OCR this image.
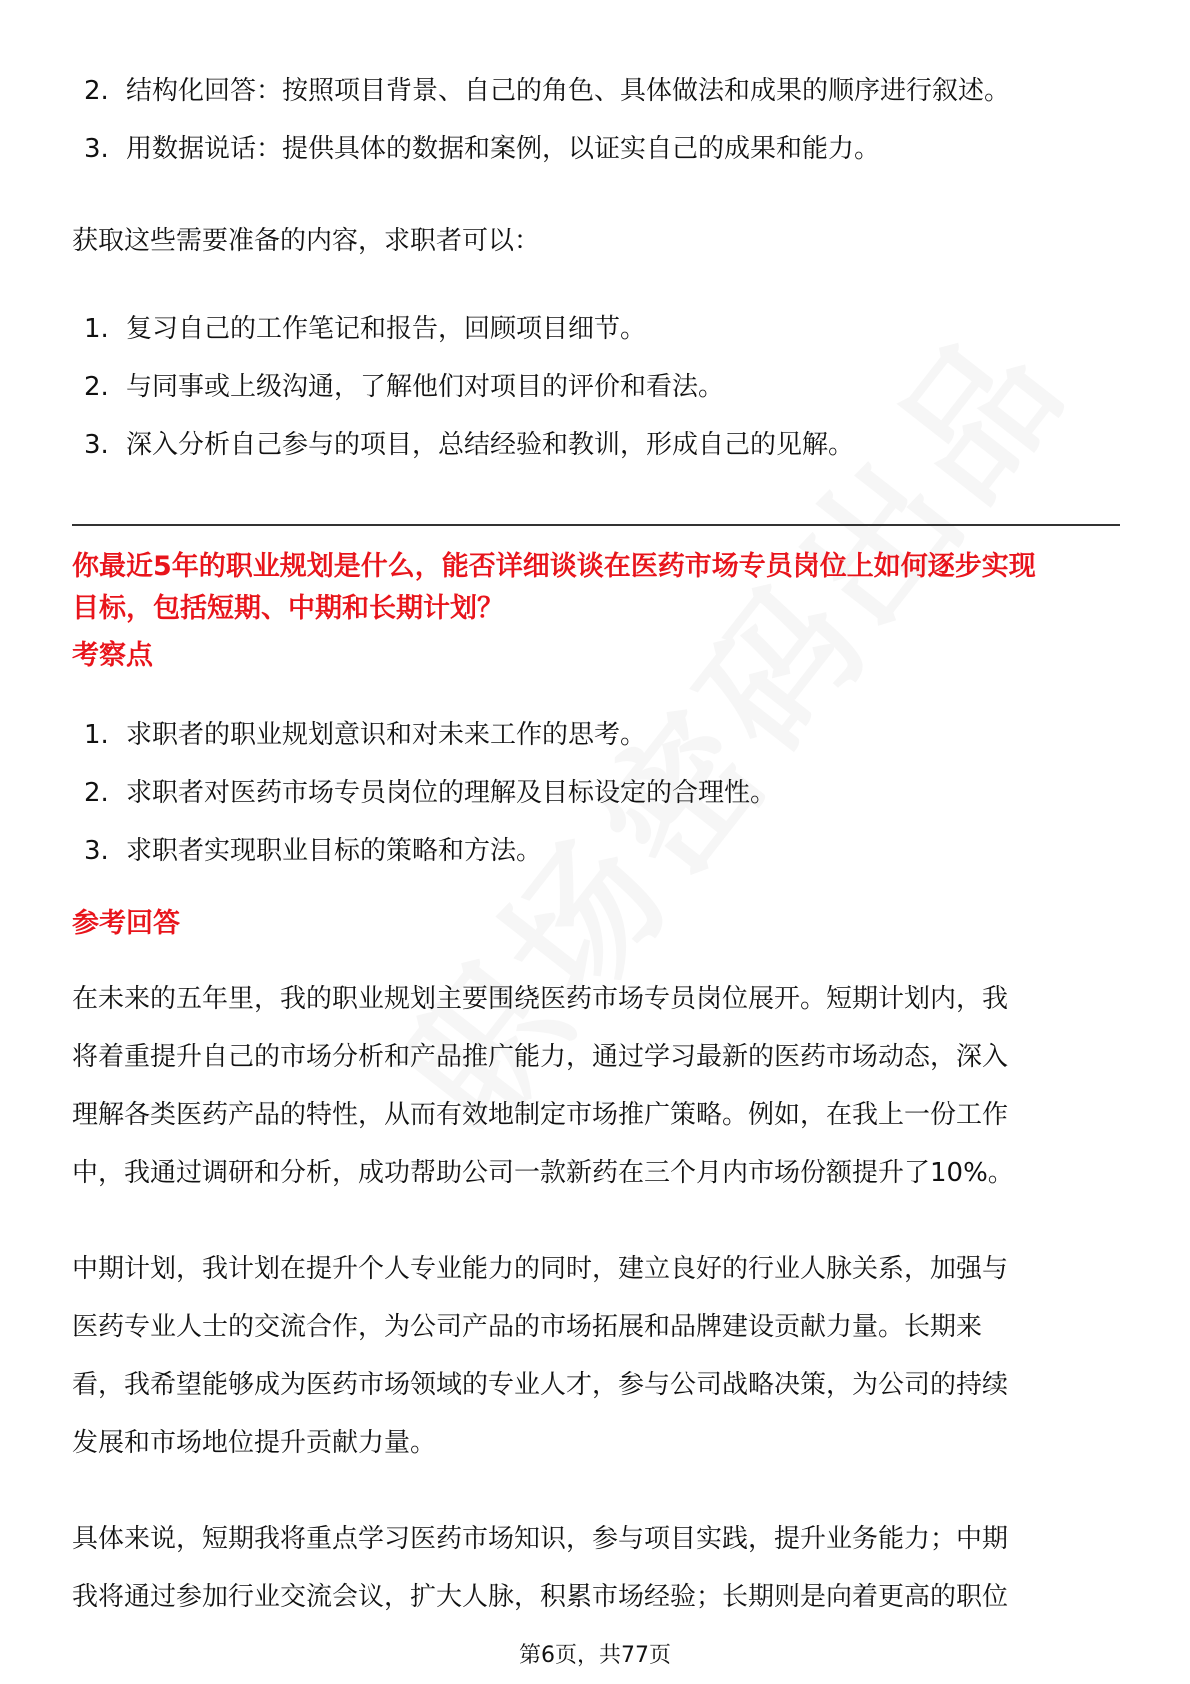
2. 结构化回答：按照项目背景、自己的角色、具体做法和成果的顺序进行叙述。
3. 用数据说话：提供具体的数据和案例，以证实自己的成果和能力。

获取这些需要准备的内容，求职者可以：

1. 复习自己的工作笔记和报告，回顾项目细节。
2. 与同事或上级沟通，了解他们对项目的评价和看法。
3. 深入分析自己参与的项目，总结经验和教训，形成自己的见解。
你最近5年的职业规划是什么，能否详细谈谈在医药市场专员岗位上如何逐步实现
目标，包括短期、中期和长期计划？
考察点
1. 求职者的职业规划意识和对未来工作的思考。
2. 求职者对医药市场专员岗位的理解及目标设定的合理性。
3. 求职者实现职业目标的策略和方法。
参考回答

在未来的五年里，我的职业规划主要围绕医药市场专员岗位展开。短期计划内，我
将着重提升自己的市场分析和产品推广能力，通过学习最新的医药市场动态，深入
理解各类医药产品的特性，从而有效地制定市场推广策略。例如，在我上一份工作
中，我通过调研和分析，成功帮助公司一款新药在三个月内市场份额提升了10%。

中期计划，我计划在提升个人专业能力的同时，建立良好的行业人脉关系，加强与
医药专业人士的交流合作，为公司产品的市场拓展和品牌建设贡献力量。长期来
看，我希望能够成为医药市场领域的专业人才，参与公司战略决策，为公司的持续
发展和市场地位提升贡献力量。

具体来说，短期我将重点学习医药市场知识，参与项目实践，提升业务能力；中期
我将通过参加行业交流会议，扩大人脉，积累市场经验；长期则是向着更高的职位

第6页，共77页
